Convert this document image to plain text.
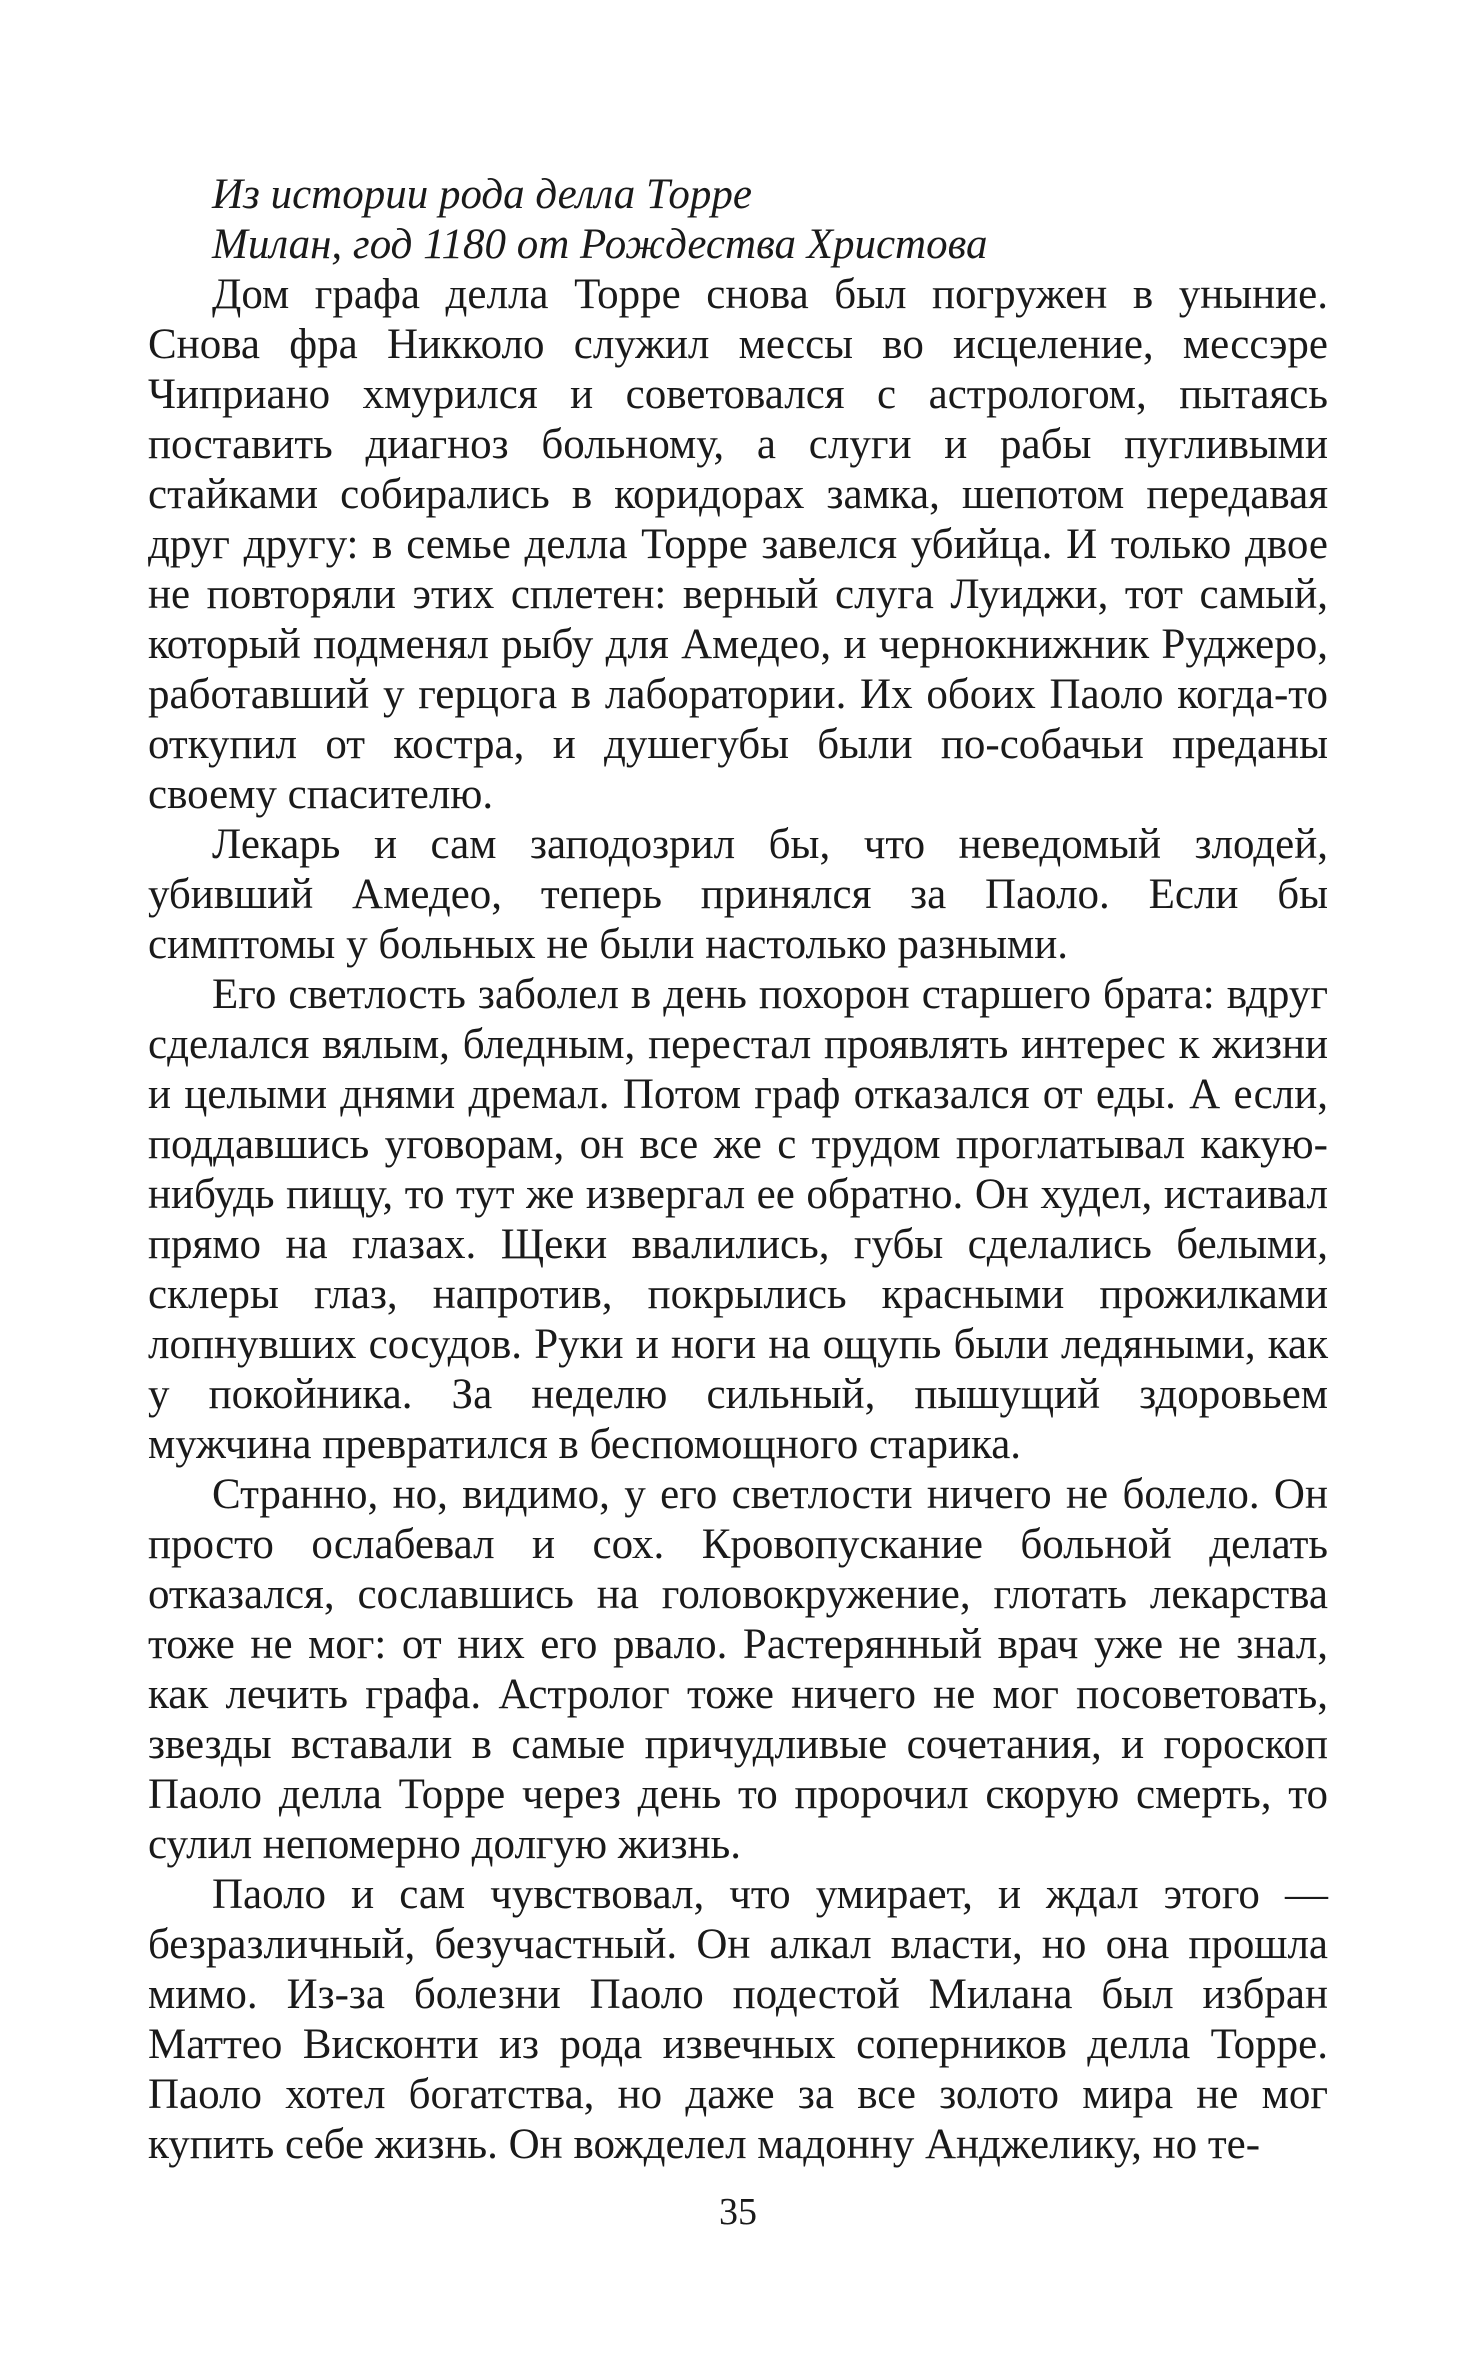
Из истории рода делла Торре

Милан, год 1180 от Рождества Христова

Дом графа делла Торре снова был погружен в уныние. Снова фра Никколо служил мессы во исцеление, мессэре Чиприано хмурился и советовался с астрологом, пытаясь поставить диагноз больному, а слуги и рабы пугливыми стайками собирались в коридорах замка, шепотом передавая друг другу: в семье делла Торре завелся убийца. И только двое не повторяли этих сплетен: верный слуга Луиджи, тот самый, который подменял рыбу для Амедео, и чернокнижник Руджеро, работавший у герцога в лаборатории. Их обоих Паоло когда-то откупил от костра, и душегубы были по-собачьи преданы своему спасителю.

Лекарь и сам заподозрил бы, что неведомый злодей, убивший Амедео, теперь принялся за Паоло. Если бы симптомы у больных не были настолько разными.

Его светлость заболел в день похорон старшего брата: вдруг сделался вялым, бледным, перестал проявлять интерес к жизни и целыми днями дремал. Потом граф отказался от еды. А если, поддавшись уговорам, он все же с трудом проглатывал какую-нибудь пищу, то тут же извергал ее обратно. Он худел, истаивал прямо на глазах. Щеки ввалились, губы сделались белыми, склеры глаз, напротив, покрылись красными прожилками лопнувших сосудов. Руки и ноги на ощупь были ледяными, как у покойника. За неделю сильный, пышущий здоровьем мужчина превратился в беспомощного старика.

Странно, но, видимо, у его светлости ничего не болело. Он просто ослабевал и сох. Кровопускание больной делать отказался, сославшись на головокружение, глотать лекарства тоже не мог: от них его рвало. Растерянный врач уже не знал, как лечить графа. Астролог тоже ничего не мог посоветовать, звезды вставали в самые причудливые сочетания, и гороскоп Паоло делла Торре через день то пророчил скорую смерть, то сулил непомерно долгую жизнь.

Паоло и сам чувствовал, что умирает, и ждал этого — безразличный, безучастный. Он алкал власти, но она прошла мимо. Из-за болезни Паоло подестой Милана был избран Маттео Висконти из рода извечных соперников делла Торре. Паоло хотел богатства, но даже за все золото мира не мог купить себе жизнь. Он вожделел мадонну Анджелику, но те-

35
